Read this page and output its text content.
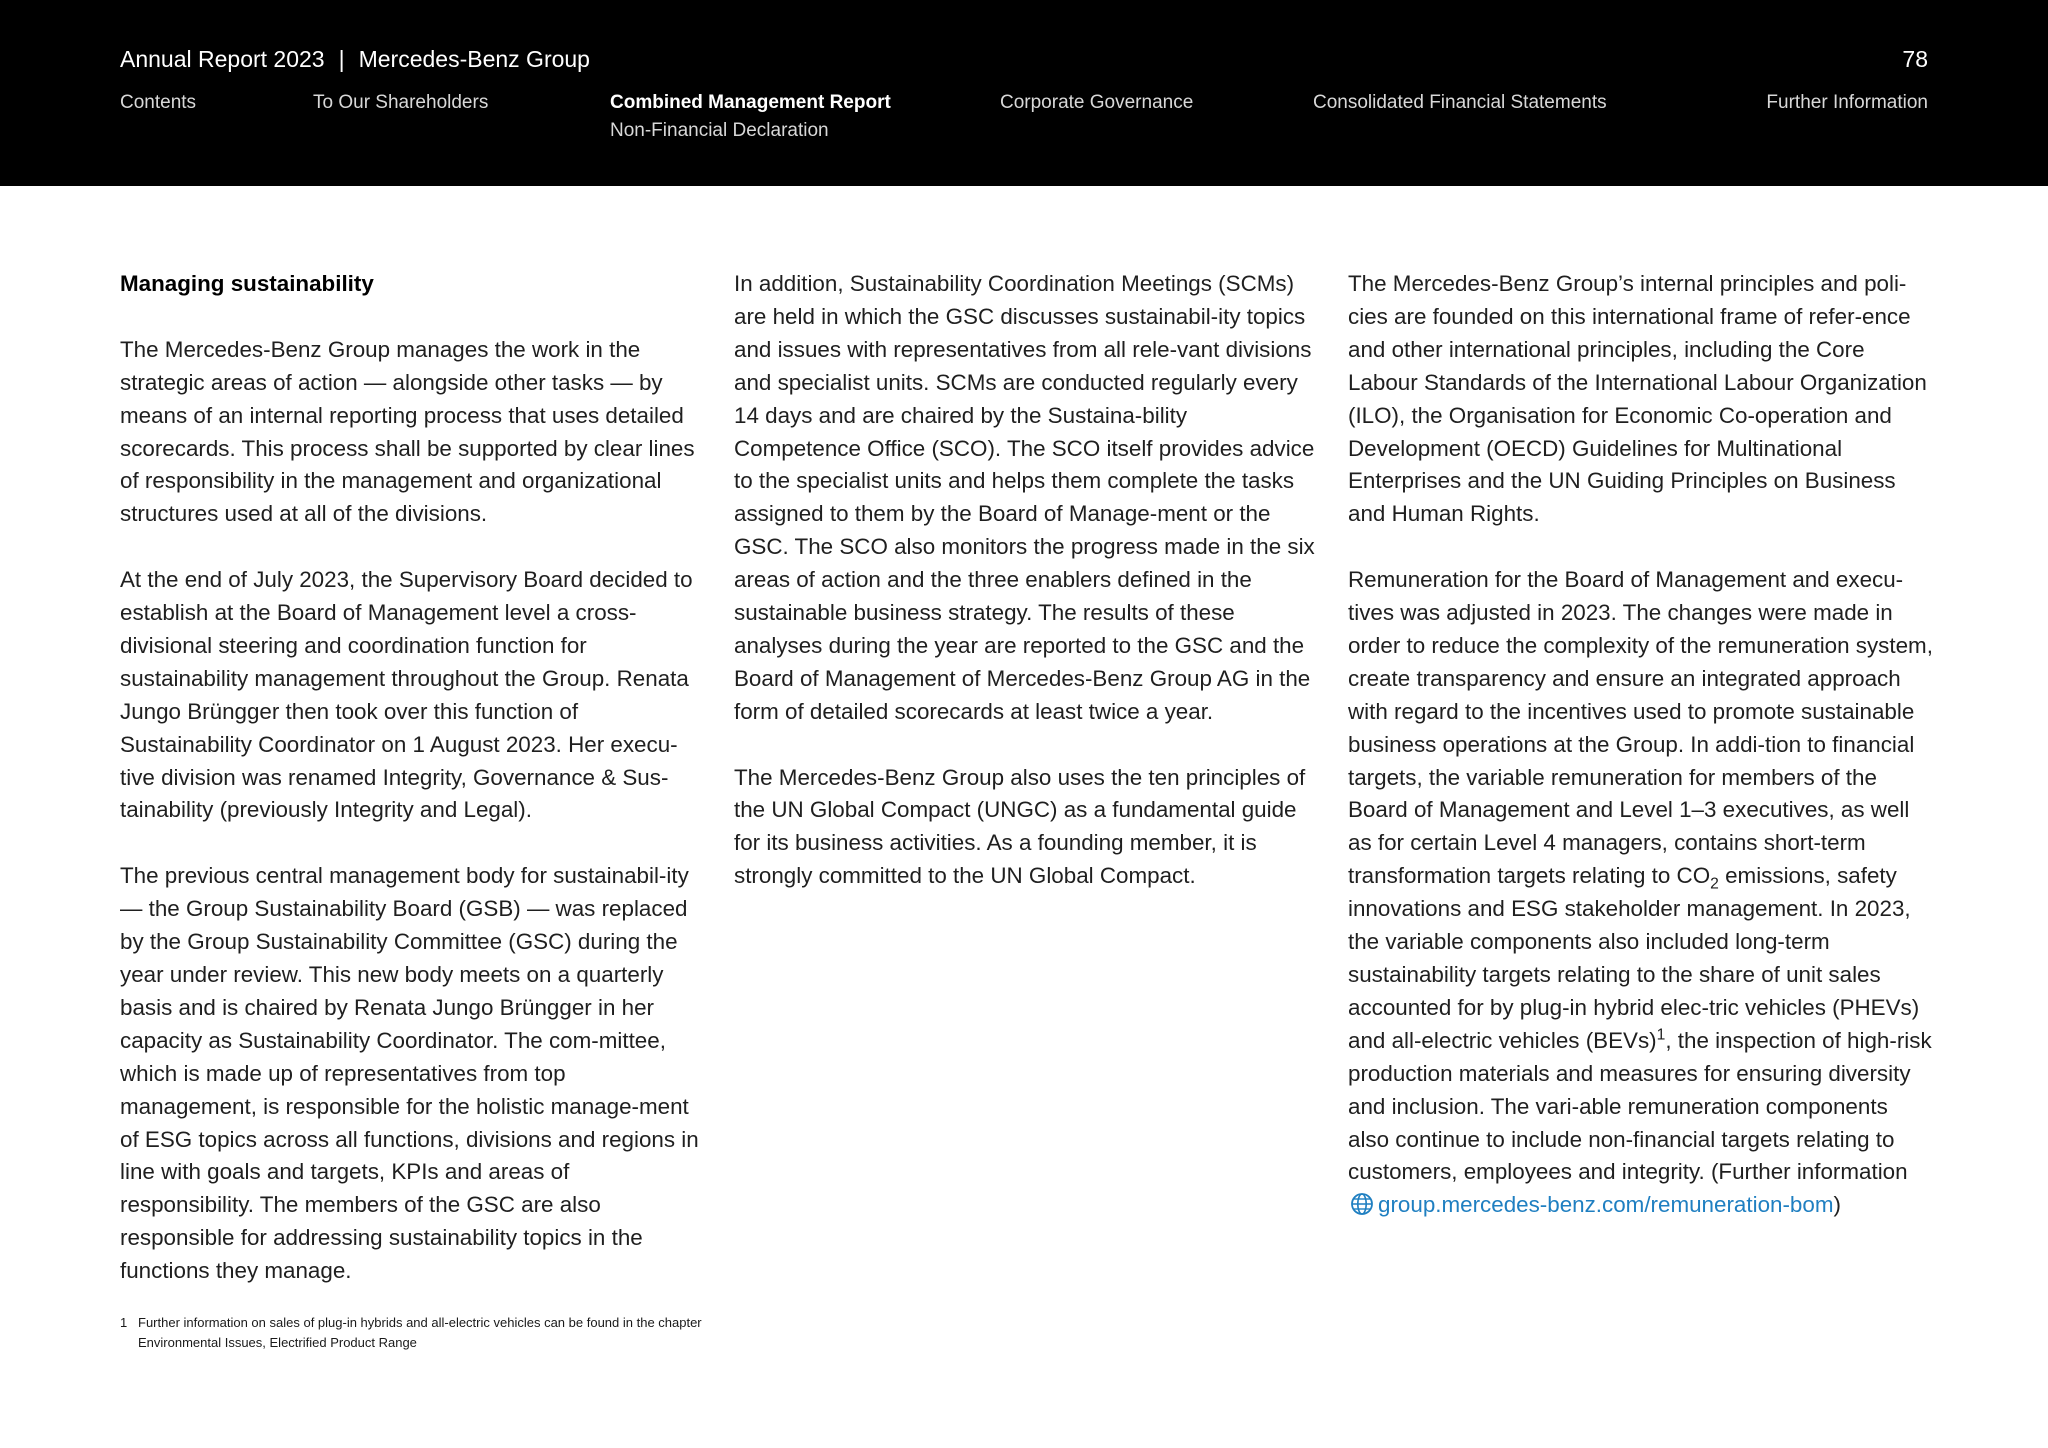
Annual Report 2023 | Mercedes-Benz Group	78
Contents	To Our Shareholders	Combined Management Report
Non-Financial Declaration
Corporate Governance	Consolidated Financial Statements	Further Information
Managing sustainability

The Mercedes-Benz Group manages the work in the strategic areas of action — alongside other tasks — by means of an internal reporting process that uses detailed scorecards. This process shall be supported by clear lines of responsibility in the management and organizational structures used at all of the divisions.

At the end of July 2023, the Supervisory Board decided to establish at the Board of Management level a cross-divisional steering and coordination function for sustainability management throughout the Group. Renata Jungo Brüngger then took over this function of Sustainability Coordinator on 1 August 2023. Her execu-tive division was renamed Integrity, Governance & Sus-tainability (previously Integrity and Legal).

The previous central management body for sustainabil-ity — the Group Sustainability Board (GSB) — was replaced by the Group Sustainability Committee (GSC) during the year under review. This new body meets on a quarterly basis and is chaired by Renata Jungo Brüngger in her capacity as Sustainability Coordinator. The com-mittee, which is made up of representatives from top management, is responsible for the holistic manage-ment of ESG topics across all functions, divisions and regions in line with goals and targets, KPIs and areas of responsibility. The members of the GSC are also responsible for addressing sustainability topics in the functions they manage.

In addition, Sustainability Coordination Meetings (SCMs) are held in which the GSC discusses sustainabil-ity topics and issues with representatives from all rele-vant divisions and specialist units. SCMs are conducted regularly every 14 days and are chaired by the Sustaina-bility Competence Office (SCO). The SCO itself provides advice to the specialist units and helps them complete the tasks assigned to them by the Board of Manage-ment or the GSC. The SCO also monitors the progress made in the six areas of action and the three enablers defined in the sustainable business strategy. The results of these analyses during the year are reported to the GSC and the Board of Management of Mercedes-Benz Group AG in the form of detailed scorecards at least twice a year.

The Mercedes-Benz Group also uses the ten principles of the UN Global Compact (UNGC) as a fundamental guide for its business activities. As a founding member, it is strongly committed to the UN Global Compact.

The Mercedes-Benz Group’s internal principles and poli-cies are founded on this international frame of refer-ence and other international principles, including the Core Labour Standards of the International Labour Organization (ILO), the Organisation for Economic Co-operation and Development (OECD) Guidelines for Multinational Enterprises and the UN Guiding Principles on Business and Human Rights.

Remuneration for the Board of Management and execu-tives was adjusted in 2023. The changes were made in order to reduce the complexity of the remuneration system, create transparency and ensure an integrated approach with regard to the incentives used to promote sustainable business operations at the Group. In addi-tion to financial targets, the variable remuneration for members of the Board of Management and Level 1–3 executives, as well as for certain Level 4 managers, contains short-term transformation targets relating to $CO_2$ emissions, safety innovations and ESG stakeholder management. In 2023, the variable components also included long-term sustainability targets relating to the share of unit sales accounted for by plug-in hybrid elec-tric vehicles (PHEVs) and all-electric vehicles (BEVs)$^1$, the inspection of high-risk production materials and measures for ensuring diversity and inclusion. The vari-able remuneration components also continue to include non-financial targets relating to customers, employees and integrity. (Further information group.mercedes-benz.com/remuneration-bom)

1 Further information on sales of plug-in hybrids and all-electric vehicles can be found in the chapter Environmental Issues, Electrified Product Range
